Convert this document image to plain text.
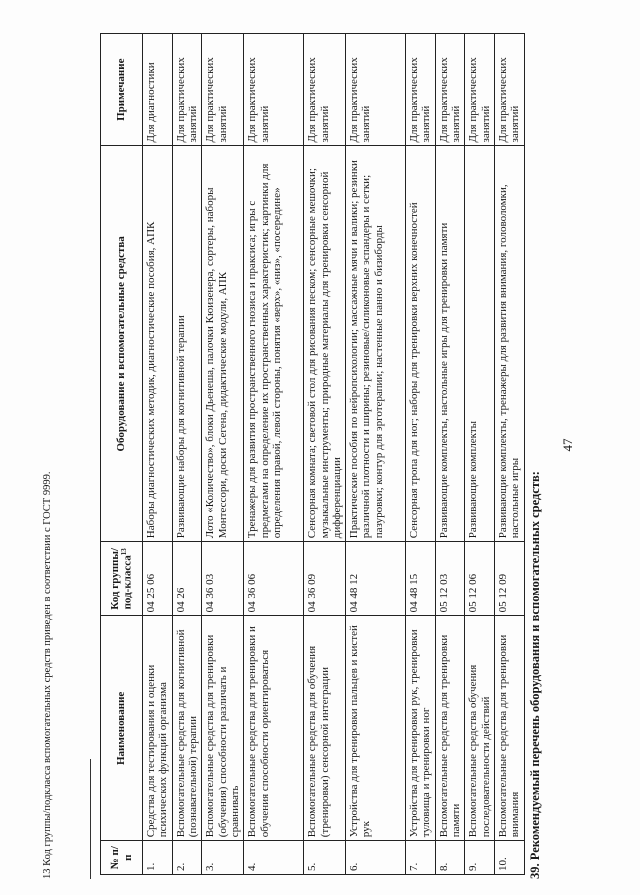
47
39. Рекомендуемый перечень оборудования и вспомогательных средств:
№ п/п	Наименование	Код группы/под-класса$^{13}$	Оборудование и вспомогательные средства	Примечание
1.	Средства для тестирования и оценки психических функций организма	04 25 06	Наборы диагностических методик, диагностические пособия, АПК	Для диагностики
2.	Вспомогательные средства для когнитивной (познавательной) терапии	04 26	Развивающие наборы для когнитивной терапии	Для практических занятий
3.	Вспомогательные средства для тренировки (обучения) способности различать и сравнивать	04 36 03	Лото «Количество», блоки Дьенеша, палочки Кюизенера, сортеры, наборы Монтессори, доски Сегена, дидактические модули, АПК	Для практических занятий
4.	Вспомогательные средства для тренировки и обучения способности ориентироваться	04 36 06	Тренажеры для развития пространственного гнозиса и праксиса; игры с предметами на определение их пространственных характеристик; картинки для определения правой, левой стороны, понятия «верх», «низ», «посередине»	Для практических занятий
5.	Вспомогательные средства для обучения (тренировки) сенсорной интеграции	04 36 09	Сенсорная комната; световой стол для рисования песком; сенсорные мешочки; музыкальные инструменты; природные материалы для тренировки сенсорной дифференциации	Для практических занятий
6.	Устройства для тренировки пальцев и кистей рук	04 48 12	Практические пособия по нейропсихологии; массажные мячи и валики; резинки различной плотности и ширины; резиновые/силиконовые эспандеры и сетки; пазуровки; контур для эрготерапии; настенные панно и бизиборды	Для практических занятий
7.	Устройства для тренировки рук, тренировки туловища и тренировки ног	04 48 15	Сенсорная тропа для ног; наборы для тренировки верхних конечностей	Для практических занятий
8.	Вспомогательные средства для тренировки памяти	05 12 03	Развивающие комплекты, настольные игры для тренировки памяти	Для практических занятий
9.	Вспомогательные средства обучения последовательности действий	05 12 06	Развивающие комплекты	Для практических занятий
10.	Вспомогательные средства для тренировки внимания	05 12 09	Развивающие комплекты, тренажеры для развития внимания, головоломки, настольные игры	Для практических занятий
13 Код группы/подкласса вспомогательных средств приведен в соответствии с ГОСТ 9999.
